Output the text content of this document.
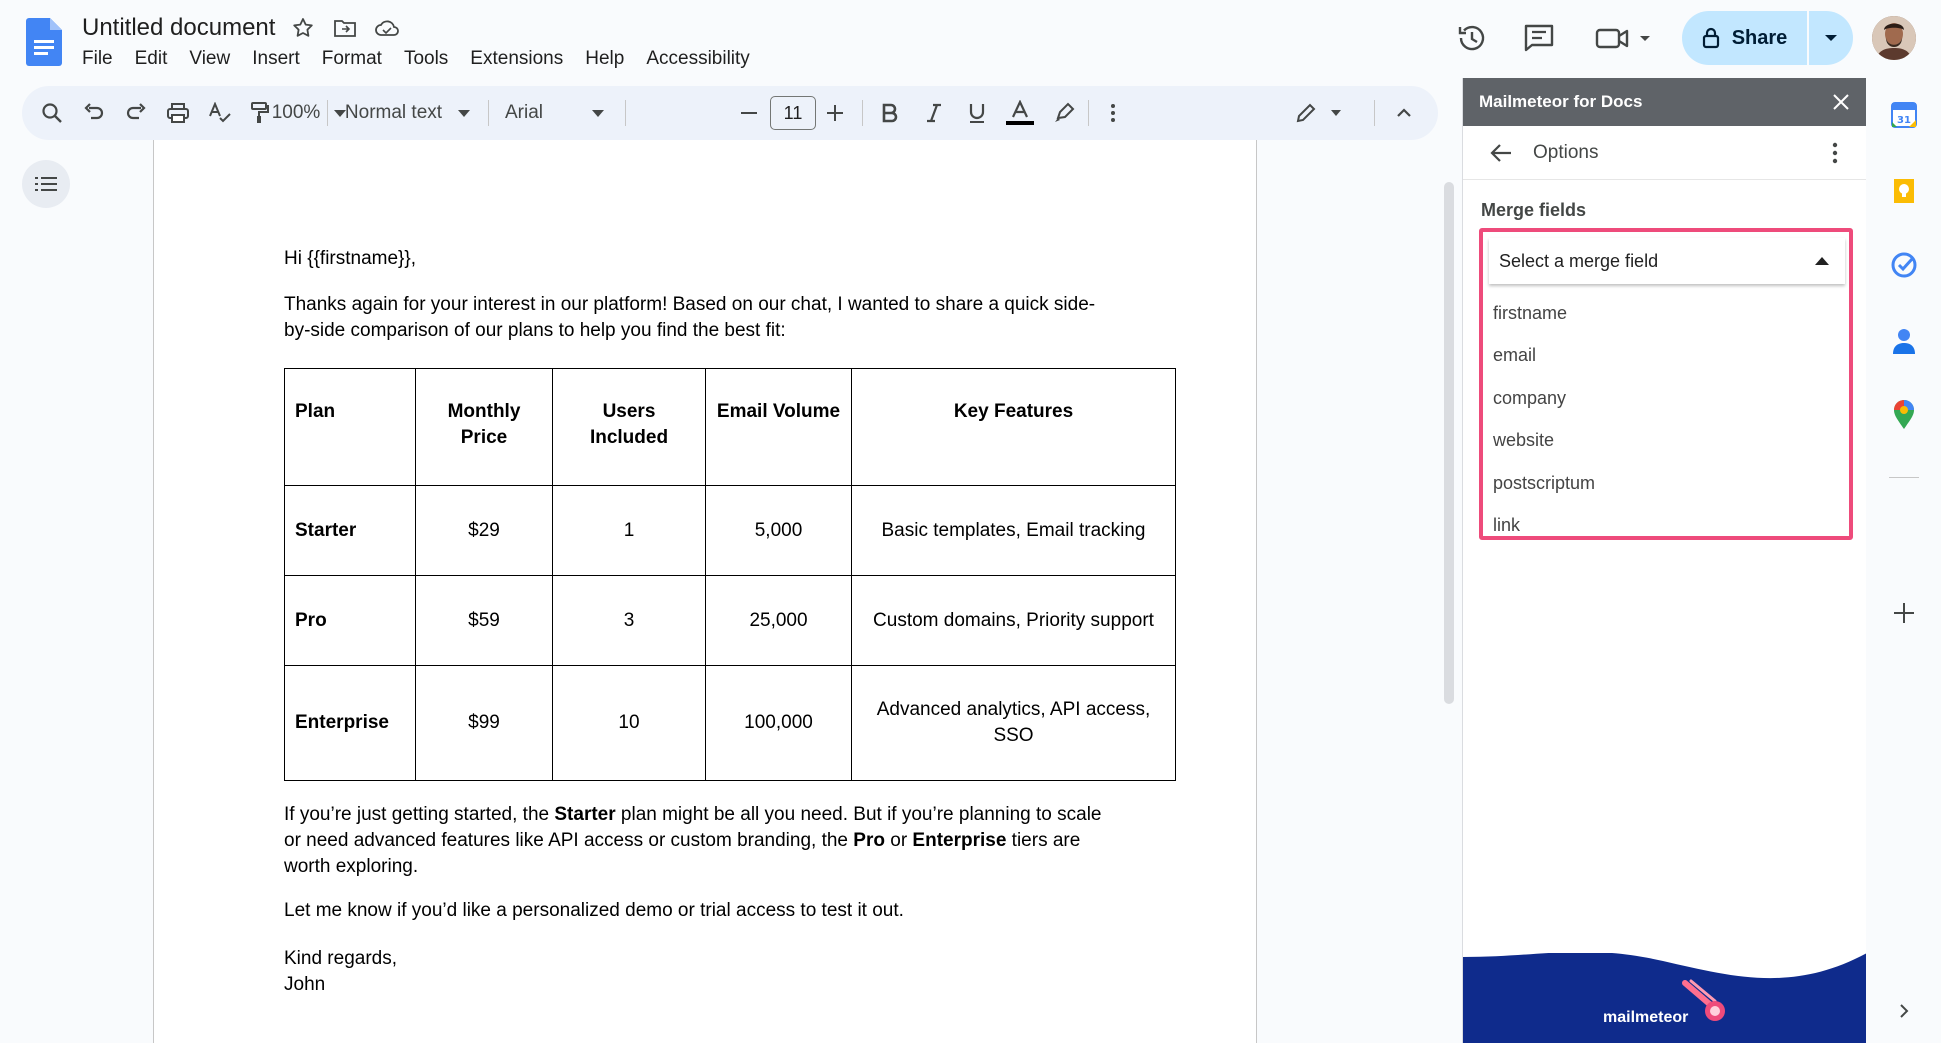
Untitled document
File Edit View Insert Format Tools Extensions Help Accessibility
Share
100% Normal text	Arial	11

Hi {{firstname}},

Thanks again for your interest in our platform! Based on our chat, I wanted to share a quick side-by-side comparison of our plans to help you find the best fit:

Plan	Monthly Price	Users Included	Email Volume	Key Features
Starter	$29	1	5,000	Basic templates, Email tracking
Pro	$59	3	25,000	Custom domains, Priority support
Enterprise	$99	10	100,000	Advanced analytics, API access, SSO

If you’re just getting started, the Starter plan might be all you need. But if you’re planning to scale or need advanced features like API access or custom branding, the Pro or Enterprise tiers are worth exploring.

Let me know if you’d like a personalized demo or trial access to test it out.

Kind regards,

John

Mailmeteor for Docs
Options
Merge fields
Select a merge field
firstname
email
company
website
postscriptum
link
mailmeteor
31
